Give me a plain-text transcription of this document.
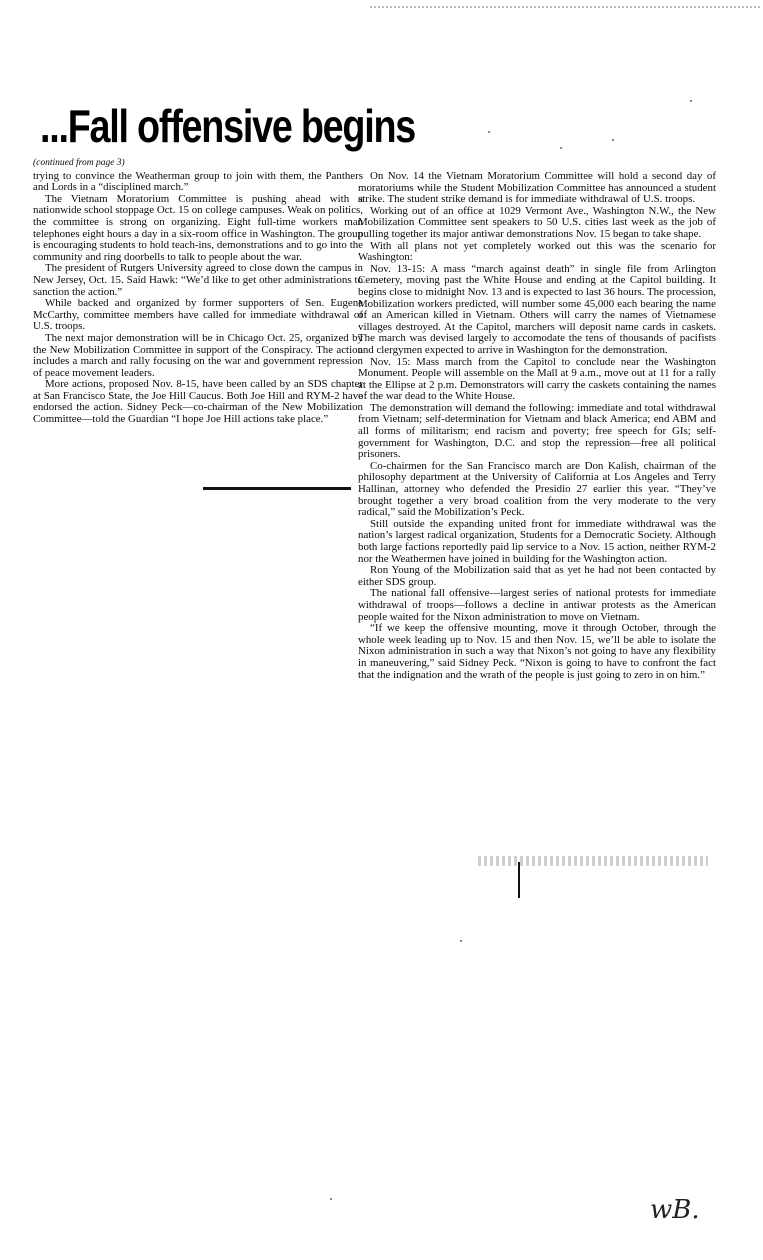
...Fall offensive begins
(continued from page 3)

trying to convince the Weatherman group to join with them, the Panthers and Lords in a “disciplined march.”

The Vietnam Moratorium Committee is pushing ahead with a nationwide school stoppage Oct. 15 on college campuses. Weak on politics, the committee is strong on organizing. Eight full-time workers man telephones eight hours a day in a six-room office in Washington. The group is encouraging students to hold teach-ins, demonstrations and to go into the community and ring doorbells to talk to people about the war.

The president of Rutgers University agreed to close down the campus in New Jersey, Oct. 15. Said Hawk: “We’d like to get other administrations to sanction the action.”

While backed and organized by former supporters of Sen. Eugene McCarthy, committee members have called for immediate withdrawal of U.S. troops.

The next major demonstration will be in Chicago Oct. 25, organized by the New Mobilization Committee in support of the Conspiracy. The action includes a march and rally focusing on the war and government repression of peace movement leaders.

More actions, proposed Nov. 8-15, have been called by an SDS chapter at San Francisco State, the Joe Hill Caucus. Both Joe Hill and RYM-2 have endorsed the action. Sidney Peck—co-chairman of the New Mobilization Committee—told the Guardian “I hope Joe Hill actions take place.”

On Nov. 14 the Vietnam Moratorium Committee will hold a second day of moratoriums while the Student Mobilization Committee has announced a student strike. The student strike demand is for immediate withdrawal of U.S. troops.

Working out of an office at 1029 Vermont Ave., Washington N.W., the New Mobilization Committee sent speakers to 50 U.S. cities last week as the job of pulling together its major antiwar demonstrations Nov. 15 began to take shape.

With all plans not yet completely worked out this was the scenario for Washington:

Nov. 13-15: A mass “march against death” in single file from Arlington Cemetery, moving past the White House and ending at the Capitol building. It begins close to midnight Nov. 13 and is expected to last 36 hours. The procession, Mobilization workers predicted, will number some 45,000 each bearing the name of an American killed in Vietnam. Others will carry the names of Vietnamese villages destroyed. At the Capitol, marchers will deposit name cards in caskets. The march was devised largely to accomodate the tens of thousands of pacifists and clergymen expected to arrive in Washington for the demonstration.

Nov. 15: Mass march from the Capitol to conclude near the Washington Monument. People will assemble on the Mall at 9 a.m., move out at 11 for a rally at the Ellipse at 2 p.m. Demonstrators will carry the caskets containing the names of the war dead to the White House.

The demonstration will demand the following: immediate and total withdrawal from Vietnam; self-determination for Vietnam and black America; end ABM and all forms of militarism; end racism and poverty; free speech for GIs; self-government for Washington, D.C. and stop the repression—free all political prisoners.

Co-chairmen for the San Francisco march are Don Kalish, chairman of the philosophy department at the University of California at Los Angeles and Terry Hallinan, attorney who defended the Presidio 27 earlier this year. “They’ve brought together a very broad coalition from the very moderate to the very radical,” said the Mobilization’s Peck.

Still outside the expanding united front for immediate withdrawal was the nation’s largest radical organization, Students for a Democratic Society. Although both large factions reportedly paid lip service to a Nov. 15 action, neither RYM-2 nor the Weathermen have joined in building for the Washington action.

Ron Young of the Mobilization said that as yet he had not been contacted by either SDS group.

The national fall offensive—largest series of national protests for immediate withdrawal of troops—follows a decline in antiwar protests as the American people waited for the Nixon administration to move on Vietnam.

“If we keep the offensive mounting, move it through October, through the whole week leading up to Nov. 15 and then Nov. 15, we’ll be able to isolate the Nixon administration in such a way that Nixon’s not going to have any flexibility in maneuvering,” said Sidney Peck. “Nixon is going to have to confront the fact that the indignation and the wrath of the people is just going to zero in on him.”

wB.
